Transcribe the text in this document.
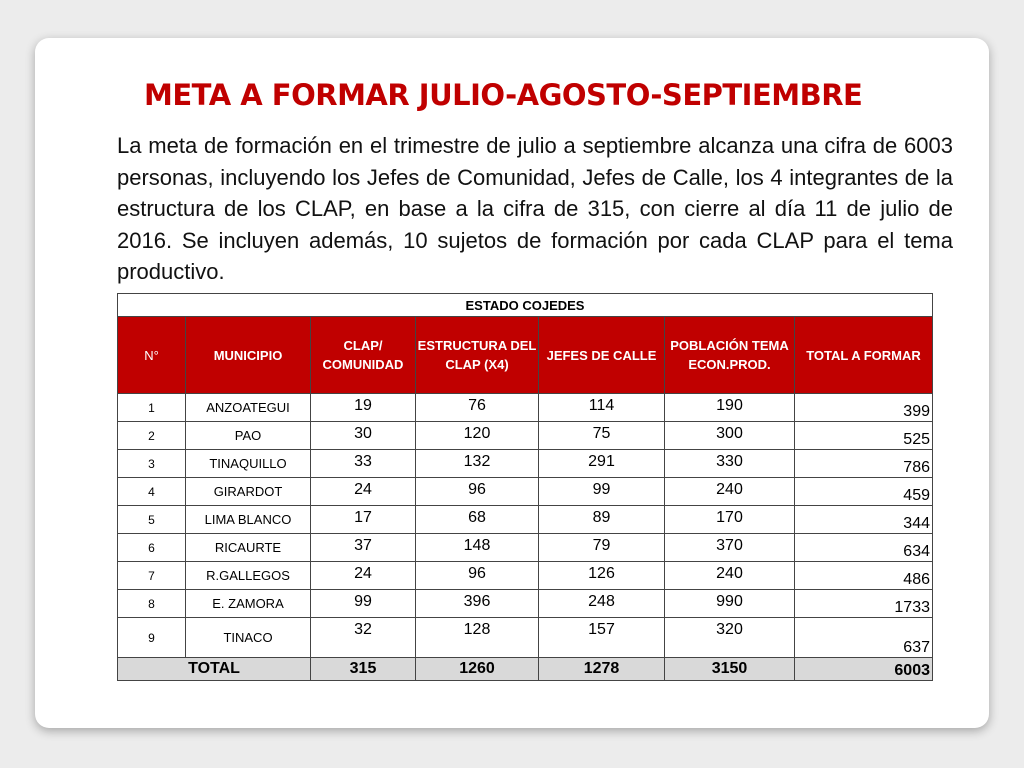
META A FORMAR JULIO-AGOSTO-SEPTIEMBRE

La meta de formación en el trimestre de julio a septiembre alcanza una cifra de 6003 personas, incluyendo los Jefes de Comunidad, Jefes de Calle, los 4 integrantes de la estructura de los CLAP, en base a la cifra de 315, con cierre al día 11 de julio de 2016. Se incluyen además, 10 sujetos de formación por cada CLAP para el tema productivo.

ESTADO COJEDES						
N°	MUNICIPIO	CLAP/ COMUNIDAD	ESTRUCTURA DEL CLAP (X4)	JEFES DE CALLE	POBLACIÓN TEMA ECON.PROD.	TOTAL A FORMAR
1	ANZOATEGUI	19	76	114	190	399
2	PAO	30	120	75	300	525
3	TINAQUILLO	33	132	291	330	786
4	GIRARDOT	24	96	99	240	459
5	LIMA BLANCO	17	68	89	170	344
6	RICAURTE	37	148	79	370	634
7	R.GALLEGOS	24	96	126	240	486
8	E. ZAMORA	99	396	248	990	1733
9	TINACO	32	128	157	320	637
TOTAL		315	1260	1278	3150	6003
